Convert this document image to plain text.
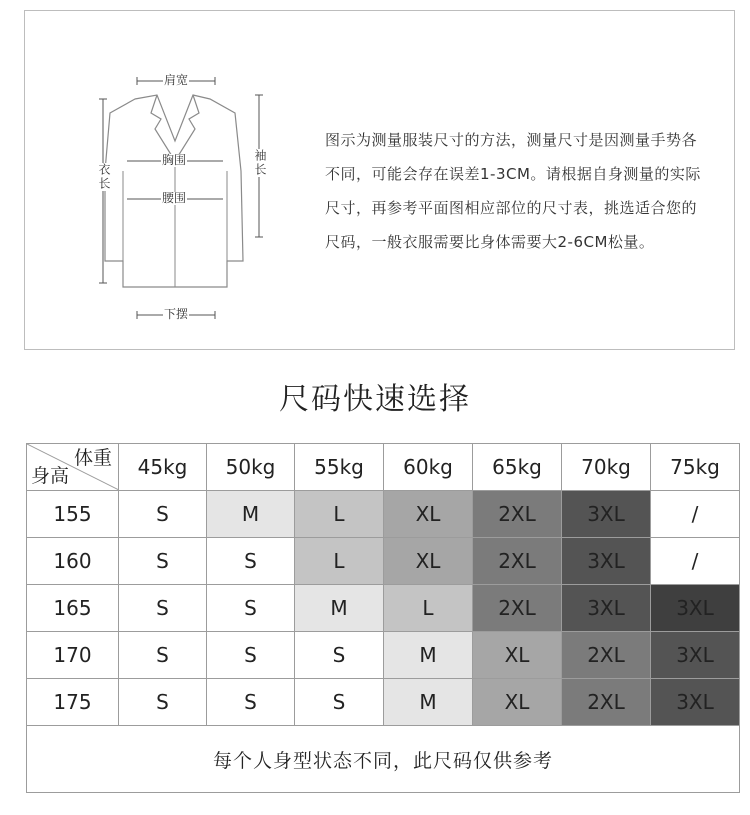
肩宽
衣长	袖长
胸围
腰围
下摆
图示为测量服装尺寸的方法，测量尺寸是因测量手势各不同，可能会存在误差1-3CM。请根据自身测量的实际尺寸，再参考平面图相应部位的尺寸表，挑选适合您的尺码，一般衣服需要比身体需要大2-6CM松量。
尺码快速选择
体重
身高	45kg	50kg	55kg	60kg	65kg	70kg	75kg
155	S	M	L	XL	2XL	3XL	/
160	S	S	L	XL	2XL	3XL	/
165	S	S	M	L	2XL	3XL	3XL
170	S	S	S	M	XL	2XL	3XL
175	S	S	S	M	XL	2XL	3XL
每个人身型状态不同，此尺码仅供参考							
